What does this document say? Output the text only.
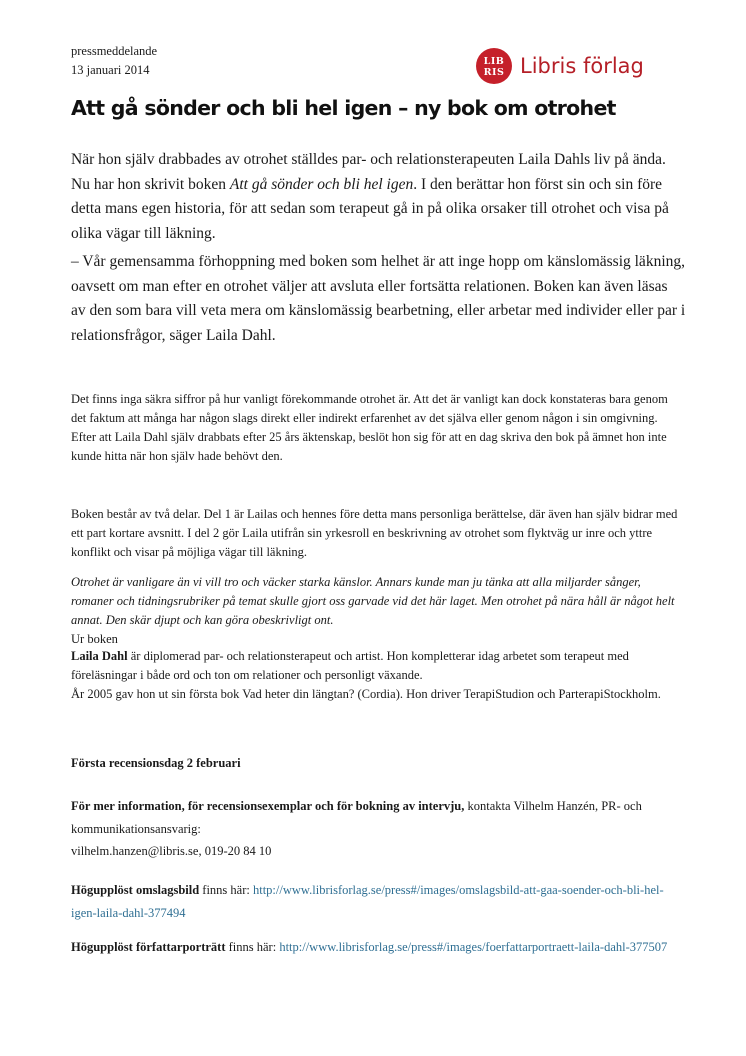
pressmeddelande
13 januari 2014
LIB
RIS Libris förlag
Att gå sönder och bli hel igen – ny bok om otrohet

När hon själv drabbades av otrohet ställdes par- och relationsterapeuten Laila Dahls liv på ända. Nu har hon skrivit boken Att gå sönder och bli hel igen. I den berättar hon först sin och sin före detta mans egen historia, för att sedan som terapeut gå in på olika orsaker till otrohet och visa på olika vägar till läkning.

– Vår gemensamma förhoppning med boken som helhet är att inge hopp om känslomässig läkning, oavsett om man efter en otrohet väljer att avsluta eller fortsätta relationen. Boken kan även läsas av den som bara vill veta mera om känslomässig bearbetning, eller arbetar med individer eller par i relationsfrågor, säger Laila Dahl.

Det finns inga säkra siffror på hur vanligt förekommande otrohet är. Att det är vanligt kan dock konstateras bara genom det faktum att många har någon slags direkt eller indirekt erfarenhet av det själva eller genom någon i sin omgivning.
Efter att Laila Dahl själv drabbats efter 25 års äktenskap, beslöt hon sig för att en dag skriva den bok på ämnet hon inte kunde hitta när hon själv hade behövt den.

Boken består av två delar. Del 1 är Lailas och hennes före detta mans personliga berättelse, där även han själv bidrar med ett part kortare avsnitt. I del 2 gör Laila utifrån sin yrkesroll en beskrivning av otrohet som flyktväg ur inre och yttre konflikt och visar på möjliga vägar till läkning.

Otrohet är vanligare än vi vill tro och väcker starka känslor. Annars kunde man ju tänka att alla miljarder sånger, romaner och tidningsrubriker på temat skulle gjort oss garvade vid det här laget. Men otrohet på nära håll är något helt annat. Den skär djupt och kan göra obeskrivligt ont.
Ur boken
Laila Dahl är diplomerad par- och relationsterapeut och artist. Hon kompletterar idag arbetet som terapeut med föreläsningar i både ord och ton om relationer och personligt växande.
År 2005 gav hon ut sin första bok Vad heter din längtan? (Cordia). Hon driver TerapiStudion och ParterapiStockholm.
Första recensionsdag 2 februari
För mer information, för recensionsexemplar och för bokning av intervju, kontakta Vilhelm Hanzén, PR- och kommunikationsansvarig:
vilhelm.hanzen@libris.se, 019-20 84 10
Högupplöst omslagsbild finns här: http://www.librisforlag.se/press#/images/omslagsbild-att-gaa-soender-och-bli-hel-igen-laila-dahl-377494
Högupplöst författarporträtt finns här: http://www.librisforlag.se/press#/images/foerfattarportraett-laila-dahl-377507
